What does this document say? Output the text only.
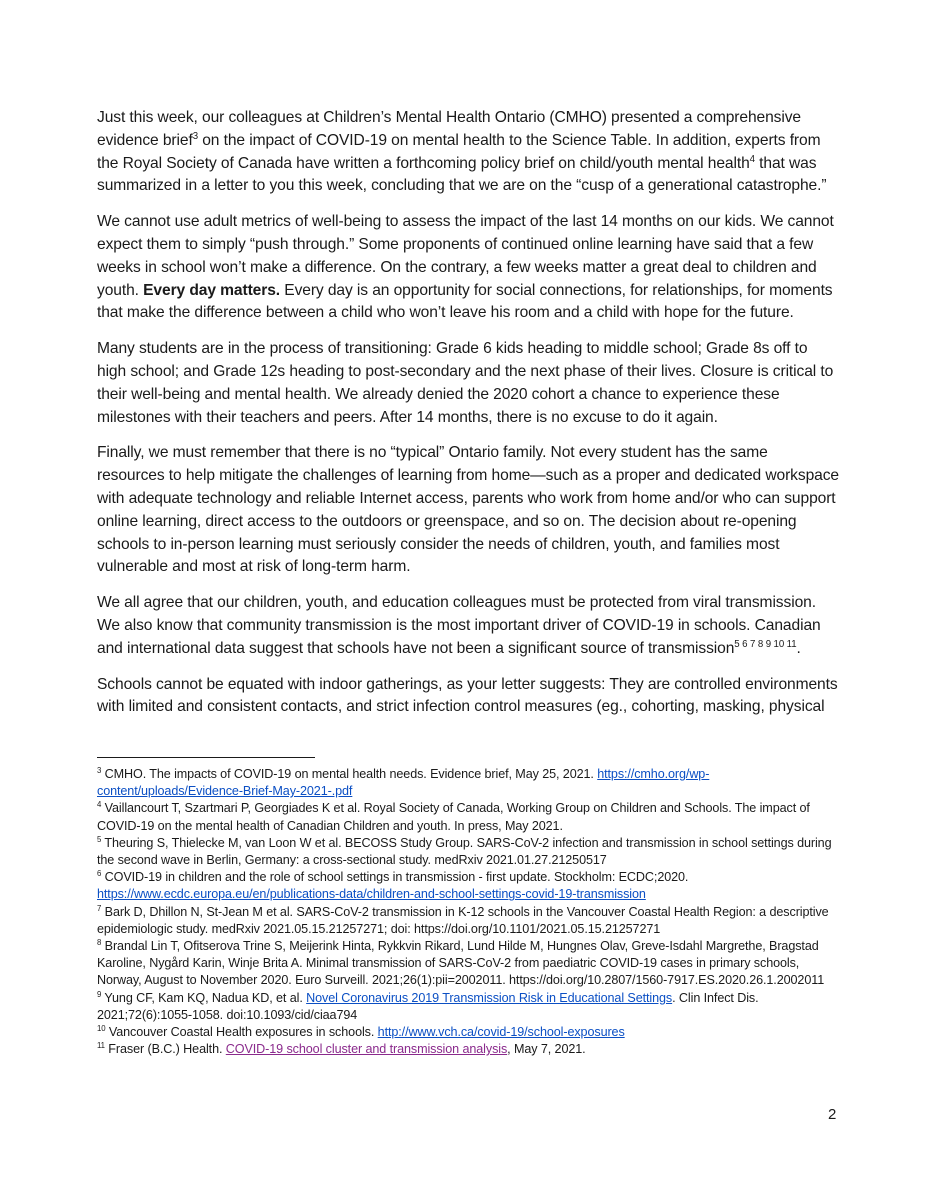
Just this week, our colleagues at Children’s Mental Health Ontario (CMHO) presented a comprehensive evidence brief$^3$ on the impact of COVID-19 on mental health to the Science Table. In addition, experts from the Royal Society of Canada have written a forthcoming policy brief on child/youth mental health$^4$ that was summarized in a letter to you this week, concluding that we are on the “cusp of a generational catastrophe.”

We cannot use adult metrics of well-being to assess the impact of the last 14 months on our kids. We cannot expect them to simply “push through.” Some proponents of continued online learning have said that a few weeks in school won’t make a difference. On the contrary, a few weeks matter a great deal to children and youth. Every day matters. Every day is an opportunity for social connections, for relationships, for moments that make the difference between a child who won’t leave his room and a child with hope for the future.

Many students are in the process of transitioning: Grade 6 kids heading to middle school; Grade 8s off to high school; and Grade 12s heading to post-secondary and the next phase of their lives. Closure is critical to their well-being and mental health. We already denied the 2020 cohort a chance to experience these milestones with their teachers and peers. After 14 months, there is no excuse to do it again.

Finally, we must remember that there is no “typical” Ontario family. Not every student has the same resources to help mitigate the challenges of learning from home—such as a proper and dedicated workspace with adequate technology and reliable Internet access, parents who work from home and/or who can support online learning, direct access to the outdoors or greenspace, and so on. The decision about re-opening schools to in-person learning must seriously consider the needs of children, youth, and families most vulnerable and most at risk of long-term harm.

We all agree that our children, youth, and education colleagues must be protected from viral transmission. We also know that community transmission is the most important driver of COVID-19 in schools. Canadian and international data suggest that schools have not been a significant source of transmission$^{5 6 7 8 9 10 11}$.

Schools cannot be equated with indoor gatherings, as your letter suggests: They are controlled environments with limited and consistent contacts, and strict infection control measures (eg., cohorting, masking, physical

$^3$ CMHO. The impacts of COVID-19 on mental health needs. Evidence brief, May 25, 2021. https://cmho.org/wp-content/uploads/Evidence-Brief-May-2021-.pdf

$^4$ Vaillancourt T, Szartmari P, Georgiades K et al. Royal Society of Canada, Working Group on Children and Schools. The impact of COVID-19 on the mental health of Canadian Children and youth. In press, May 2021.

$^5$ Theuring S, Thielecke M, van Loon W et al. BECOSS Study Group. SARS-CoV-2 infection and transmission in school settings during the second wave in Berlin, Germany: a cross-sectional study. medRxiv 2021.01.27.21250517

$^6$ COVID-19 in children and the role of school settings in transmission - first update. Stockholm: ECDC;2020. https://www.ecdc.europa.eu/en/publications-data/children-and-school-settings-covid-19-transmission

$^7$ Bark D, Dhillon N, St-Jean M et al. SARS-CoV-2 transmission in K-12 schools in the Vancouver Coastal Health Region: a descriptive epidemiologic study. medRxiv 2021.05.15.21257271; doi: https://doi.org/10.1101/2021.05.15.21257271

$^8$ Brandal Lin T, Ofitserova Trine S, Meijerink Hinta, Rykkvin Rikard, Lund Hilde M, Hungnes Olav, Greve-Isdahl Margrethe, Bragstad Karoline, Nygård Karin, Winje Brita A. Minimal transmission of SARS-CoV-2 from paediatric COVID-19 cases in primary schools, Norway, August to November 2020. Euro Surveill. 2021;26(1):pii=2002011. https://doi.org/10.2807/1560-7917.ES.2020.26.1.2002011

$^9$ Yung CF, Kam KQ, Nadua KD, et al. Novel Coronavirus 2019 Transmission Risk in Educational Settings. Clin Infect Dis. 2021;72(6):1055-1058. doi:10.1093/cid/ciaa794

$^{10}$ Vancouver Coastal Health exposures in schools. http://www.vch.ca/covid-19/school-exposures

$^{11}$ Fraser (B.C.) Health. COVID-19 school cluster and transmission analysis, May 7, 2021.

2
